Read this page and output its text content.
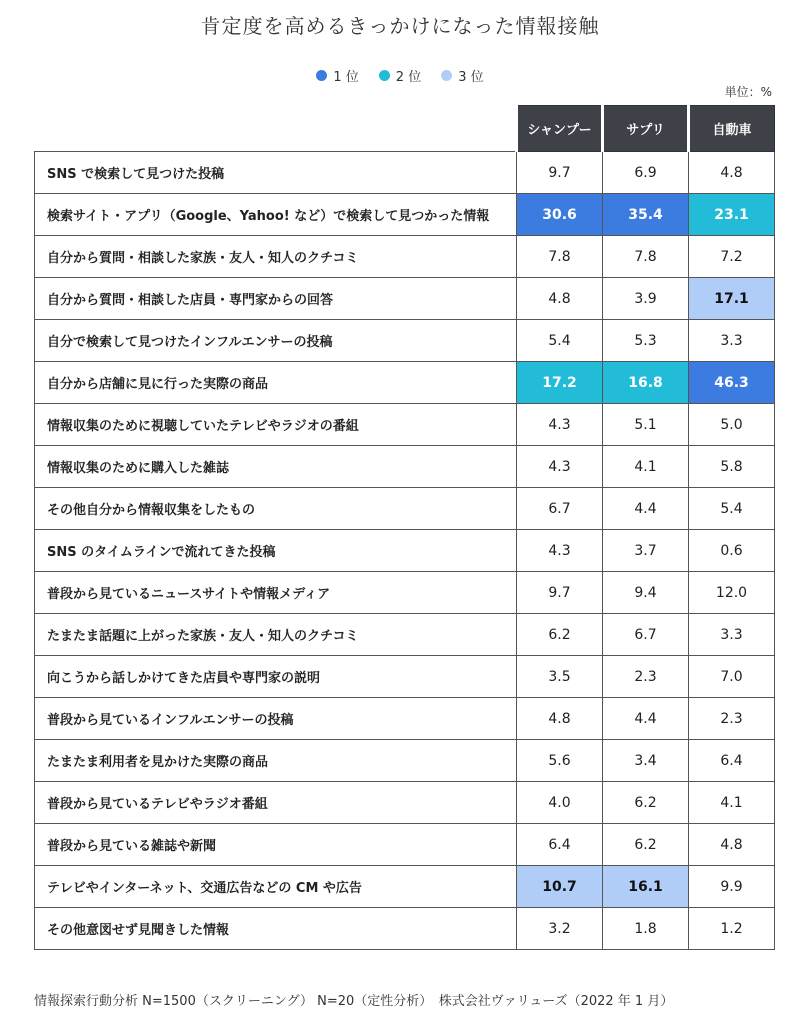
肯定度を高めるきっかけになった情報接触
1 位	2 位	3 位
単位：%
	シャンプー	サプリ	自動車
SNS で検索して見つけた投稿	9.7	6.9	4.8
検索サイト・アプリ（Google、Yahoo! など）で検索して見つかった情報	30.6	35.4	23.1
自分から質問・相談した家族・友人・知人のクチコミ	7.8	7.8	7.2
自分から質問・相談した店員・専門家からの回答	4.8	3.9	17.1
自分で検索して見つけたインフルエンサーの投稿	5.4	5.3	3.3
自分から店舗に見に行った実際の商品	17.2	16.8	46.3
情報収集のために視聴していたテレビやラジオの番組	4.3	5.1	5.0
情報収集のために購入した雑誌	4.3	4.1	5.8
その他自分から情報収集をしたもの	6.7	4.4	5.4
SNS のタイムラインで流れてきた投稿	4.3	3.7	0.6
普段から見ているニュースサイトや情報メディア	9.7	9.4	12.0
たまたま話題に上がった家族・友人・知人のクチコミ	6.2	6.7	3.3
向こうから話しかけてきた店員や専門家の説明	3.5	2.3	7.0
普段から見ているインフルエンサーの投稿	4.8	4.4	2.3
たまたま利用者を見かけた実際の商品	5.6	3.4	6.4
普段から見ているテレビやラジオ番組	4.0	6.2	4.1
普段から見ている雑誌や新聞	6.4	6.2	4.8
テレビやインターネット、交通広告などの CM や広告	10.7	16.1	9.9
その他意図せず見聞きした情報	3.2	1.8	1.2
情報探索行動分析 N=1500（スクリーニング） N=20（定性分析）　株式会社ヴァリューズ（2022 年 1 月）
